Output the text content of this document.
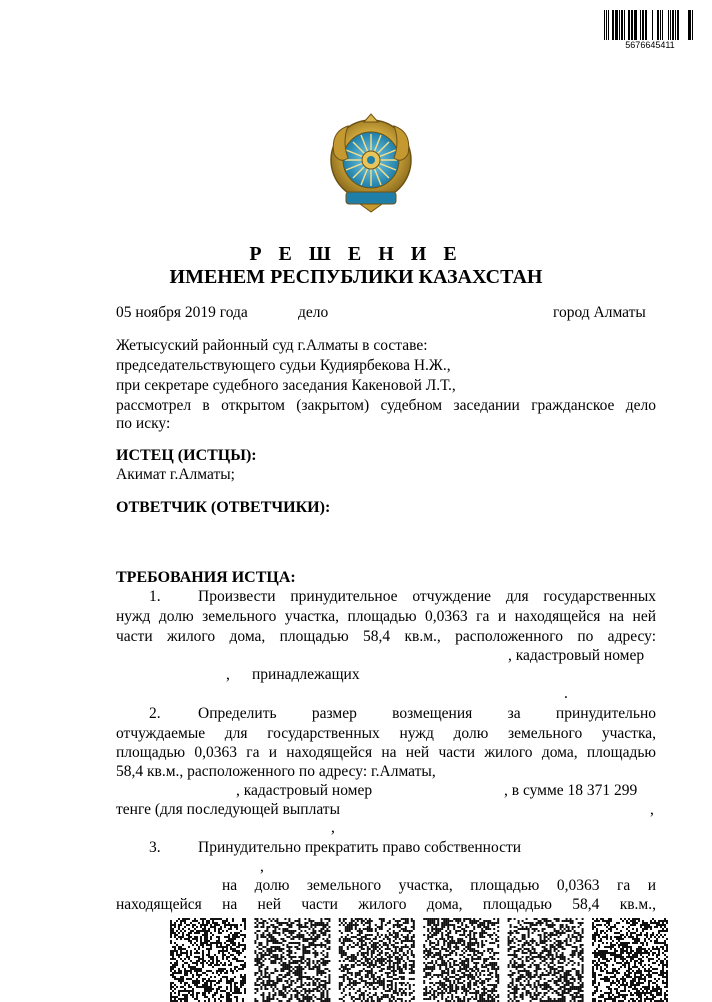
5676645411
Р Е Ш Е Н И Е
ИМЕНЕМ РЕСПУБЛИКИ КАЗАХСТАН
05 ноября 2019 года	дело	город Алматы
Жетысуский районный суд г.Алматы в составе:
председательствующего судьи Кудиярбекова Н.Ж.,
при секретаре судебного заседания Какеновой Л.Т.,
рассмотрел в открытом (закрытом) судебном заседании гражданское дело
по иску:
ИСТЕЦ (ИСТЦЫ):
Акимат г.Алматы;
ОТВЕТЧИК (ОТВЕТЧИКИ):
ТРЕБОВАНИЯ ИСТЦА:
1. Произвести принудительное отчуждение для государственных
нужд долю земельного участка, площадью 0,0363 га и находящейся на ней
части жилого дома, площадью 58,4 кв.м., расположенного по адресу:
, кадастровый номер
, принадлежащих
.
2. Определить размер возмещения за принудительно
отчуждаемые для государственных нужд долю земельного участка,
площадью 0,0363 га и находящейся на ней части жилого дома, площадью
58,4 кв.м., расположенного по адресу: г.Алматы,
, кадастровый номер	, в сумме 18 371 299
тенге (для последующей выплаты	,
,
3. Принудительно прекратить право собственности
,
на долю земельного участка, площадью 0,0363 га и
находящейся на ней части жилого дома, площадью 58,4 кв.м.,
